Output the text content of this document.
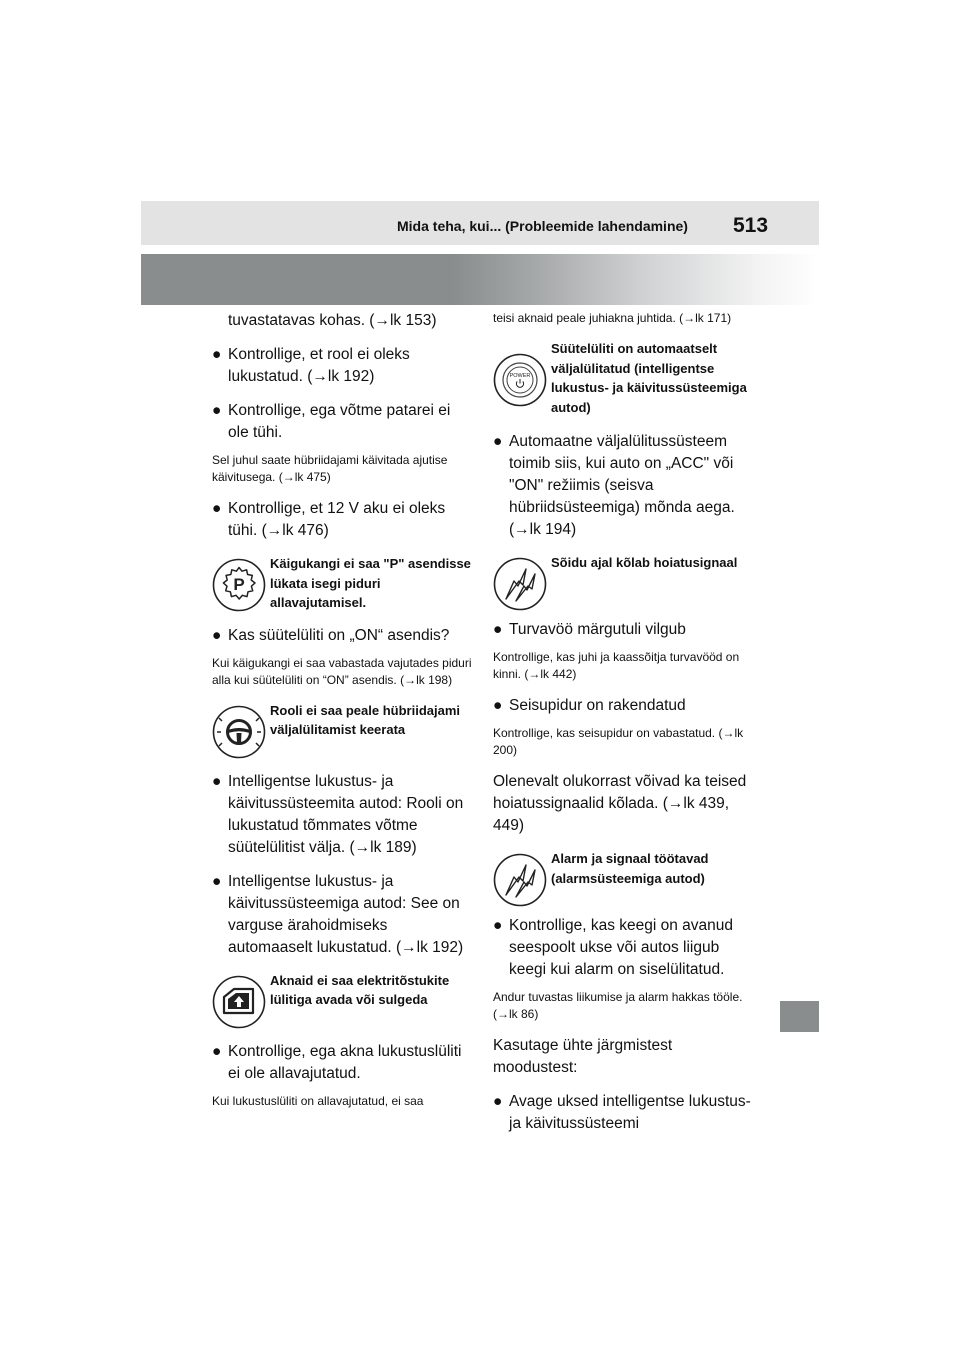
Mida teha, kui... (Probleemide lahendamine) 513
tuvastatavas kohas. (→lk 153)
● Kontrollige, et rool ei oleks lukustatud. (→lk 192)
● Kontrollige, ega võtme patarei ei ole tühi.
Sel juhul saate hübriidajami käivitada ajutise käivitusega. (→lk 475)
● Kontrollige, et 12 V aku ei oleks tühi. (→lk 476)
P
Käigukangi ei saa "P" asendisse lükata isegi piduri allavajutamisel.
● Kas süütelüliti on „ON“ asendis?
Kui käigukangi ei saa vabastada vajutades piduri alla kui süütelüliti on “ON” asendis. (→lk 198)
Rooli ei saa peale hübriidajami väljalülitamist keerata
● Intelligentse lukustus- ja käivitussüsteemita autod: Rooli on lukustatud tõmmates võtme süütelülitist välja. (→lk 189)
● Intelligentse lukustus- ja käivitussüsteemiga autod: See on varguse ärahoidmiseks automaaselt lukustatud. (→lk 192)
Aknaid ei saa elektritõstukite lülitiga avada või sulgeda
● Kontrollige, ega akna lukustuslüliti ei ole allavajutatud.
Kui lukustuslüliti on allavajutatud, ei saa
teisi aknaid peale juhiakna juhtida. (→lk 171)
POWER
Süütelüliti on automaatselt väljalülitatud (intelligentse lukustus- ja käivitussüsteemiga autod)
● Automaatne väljalülitussüsteem toimib siis, kui auto on „ACC" või "ON" režiimis (seisva hübriidsüsteemiga) mõnda aega. (→lk 194)
Sõidu ajal kõlab hoiatusignaal
● Turvavöö märgutuli vilgub
Kontrollige, kas juhi ja kaassõitja turvavööd on kinni. (→lk 442)
● Seisupidur on rakendatud
Kontrollige, kas seisupidur on vabastatud. (→lk 200)
Olenevalt olukorrast võivad ka teised hoiatussignaalid kõlada. (→lk 439, 449)
Alarm ja signaal töötavad (alarmsüsteemiga autod)
● Kontrollige, kas keegi on avanud seespoolt ukse või autos liigub keegi kui alarm on siselülitatud.
Andur tuvastas liikumise ja alarm hakkas tööle. (→lk 86)
Kasutage ühte järgmistest moodustest:
● Avage uksed intelligentse lukustus- ja käivitussüsteemi
